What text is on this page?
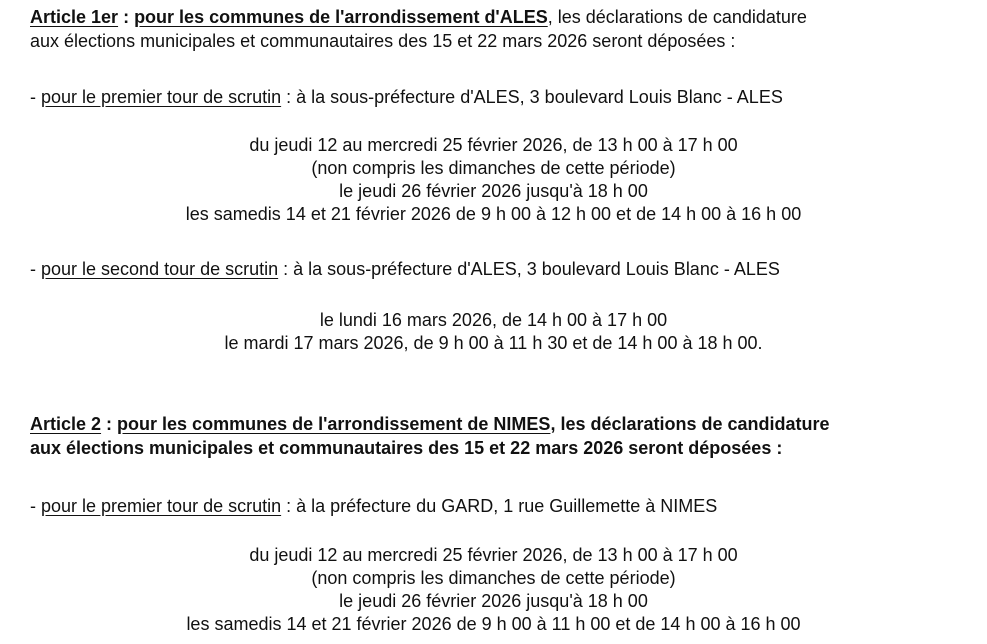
Article 1er : pour les communes de l'arrondissement d'ALES, les déclarations de candidature
aux élections municipales et communautaires des 15 et 22 mars 2026 seront déposées :
- pour le premier tour de scrutin : à la sous-préfecture d'ALES, 3 boulevard Louis Blanc - ALES
du jeudi 12 au mercredi 25 février 2026, de 13 h 00 à 17 h 00
(non compris les dimanches de cette période)
le jeudi 26 février 2026 jusqu'à 18 h 00
les samedis 14 et 21 février 2026 de 9 h 00 à 12 h 00 et de 14 h 00 à 16 h 00
- pour le second tour de scrutin : à la sous-préfecture d'ALES, 3 boulevard Louis Blanc - ALES
le lundi 16 mars 2026, de 14 h 00 à 17 h 00
le mardi 17 mars 2026, de 9 h 00 à 11 h 30 et de 14 h 00 à 18 h 00.
Article 2 : pour les communes de l'arrondissement de NIMES, les déclarations de candidature
aux élections municipales et communautaires des 15 et 22 mars 2026 seront déposées :
- pour le premier tour de scrutin : à la préfecture du GARD, 1 rue Guillemette à NIMES
du jeudi 12 au mercredi 25 février 2026, de 13 h 00 à 17 h 00
(non compris les dimanches de cette période)
le jeudi 26 février 2026 jusqu'à 18 h 00
les samedis 14 et 21 février 2026 de 9 h 00 à 11 h 00 et de 14 h 00 à 16 h 00
